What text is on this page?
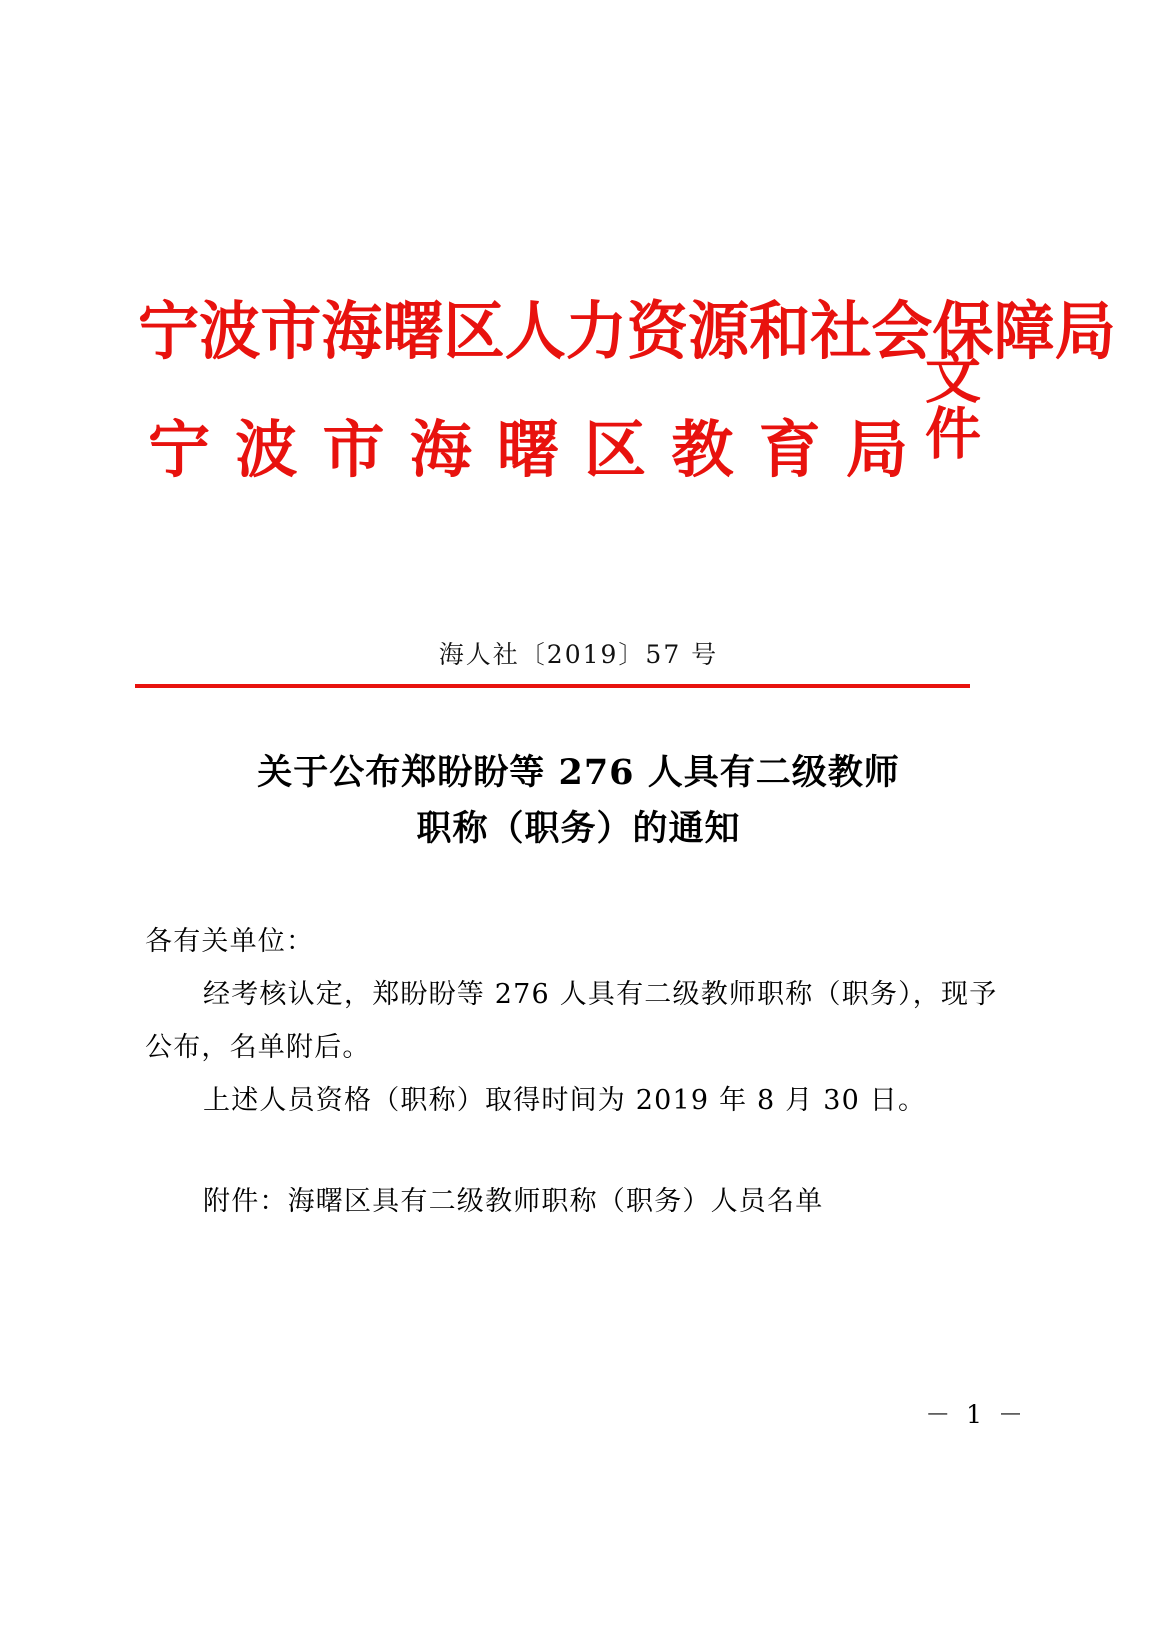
宁波市海曙区人力资源和社会保障局
宁 波 市 海 曙 区 教 育 局 文件
海人社〔2019〕57 号
关于公布郑盼盼等 276 人具有二级教师
职称（职务）的通知

各有关单位：

经考核认定，郑盼盼等 276 人具有二级教师职称（职务），现予公布，名单附后。

上述人员资格（职称）取得时间为 2019 年 8 月 30 日。

附件：海曙区具有二级教师职称（职务）人员名单

－ 1 －
